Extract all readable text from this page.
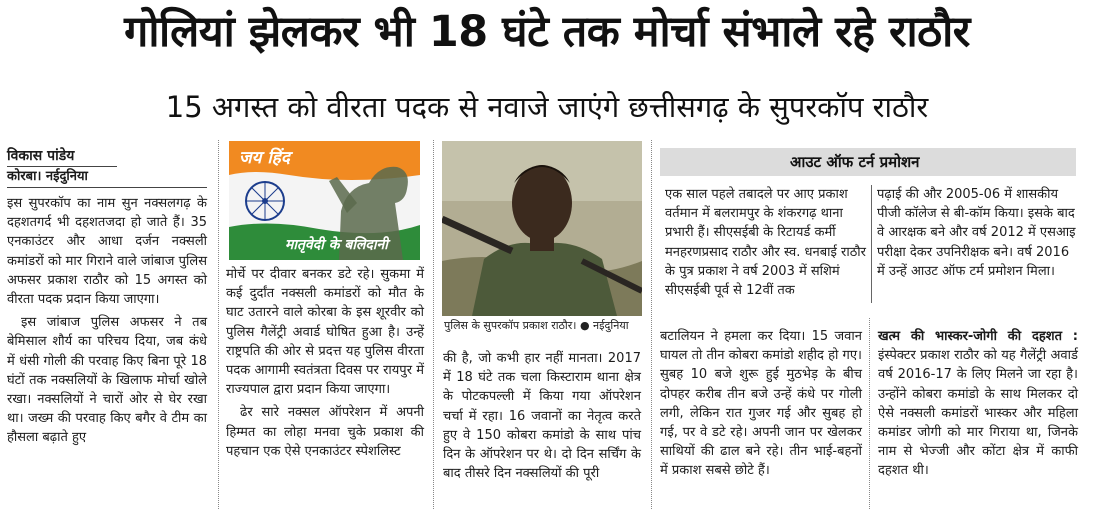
गोलियां झेलकर भी 18 घंटे तक मोर्चा संभाले रहे राठौर
15 अगस्त को वीरता पदक से नवाजे जाएंगे छत्तीसगढ़ के सुपरकॉप राठौर

विकास पांडेय

कोरबा। नईदुनिया

इस सुपरकॉप का नाम सुन नक्सलगढ़ के दहशतगर्द भी दहशतजदा हो जाते हैं। 35 एनकाउंटर और आधा दर्जन नक्सली कमांडरों को मार गिराने वाले जांबाज पुलिस अफसर प्रकाश राठौर को 15 अगस्त को वीरता पदक प्रदान किया जाएगा।

इस जांबाज पुलिस अफसर ने तब बेमिसाल शौर्य का परिचय दिया, जब कंधे में धंसी गोली की परवाह किए बिना पूरे 18 घंटों तक नक्सलियों के खिलाफ मोर्चा खोले रखा। नक्सलियों ने चारों ओर से घेर रखा था। जख्म की परवाह किए बगैर वे टीम का हौसला बढ़ाते हुए

जय हिंद
मातृवेदी के बलिदानी

मोर्चे पर दीवार बनकर डटे रहे। सुकमा में कई दुर्दांत नक्सली कमांडरों को मौत के घाट उतारने वाले कोरबा के इस शूरवीर को पुलिस गैलेंट्री अवार्ड घोषित हुआ है। उन्हें राष्ट्रपति की ओर से प्रदत्त यह पुलिस वीरता पदक आगामी स्वतंत्रता दिवस पर रायपुर में राज्यपाल द्वारा प्रदान किया जाएगा।

ढेर सारे नक्सल ऑपरेशन में अपनी हिम्मत का लोहा मनवा चुके प्रकाश की पहचान एक ऐसे एनकाउंटर स्पेशलिस्ट

पुलिस के सुपरकॉप प्रकाश राठौर। ● नईदुनिया

की है, जो कभी हार नहीं मानता। 2017 में 18 घंटे तक चला किस्टाराम थाना क्षेत्र के पोटकपल्ली में किया गया ऑपरेशन चर्चा में रहा। 16 जवानों का नेतृत्व करते हुए वे 150 कोबरा कमांडो के साथ पांच दिन के ऑपरेशन पर थे। दो दिन सर्चिंग के बाद तीसरे दिन नक्सलियों की पूरी

आउट ऑफ टर्न प्रमोशन

एक साल पहले तबादले पर आए प्रकाश वर्तमान में बलरामपुर के शंकरगढ़ थाना प्रभारी हैं। सीएसईबी के रिटायर्ड कर्मी मनहरणप्रसाद राठौर और स्व. धनबाई राठौर के पुत्र प्रकाश ने वर्ष 2003 में सशिमं सीएसईबी पूर्व से 12वीं तक

पढ़ाई की और 2005-06 में शासकीय पीजी कॉलेज से बी-कॉम किया। इसके बाद वे आरक्षक बने और वर्ष 2012 में एसआइ परीक्षा देकर उपनिरीक्षक बने। वर्ष 2016 में उन्हें आउट ऑफ टर्म प्रमोशन मिला।

बटालियन ने हमला कर दिया। 15 जवान घायल तो तीन कोबरा कमांडो शहीद हो गए। सुबह 10 बजे शुरू हुई मुठभेड़ के बीच दोपहर करीब तीन बजे उन्हें कंधे पर गोली लगी, लेकिन रात गुजर गई और सुबह हो गई, पर वे डटे रहे। अपनी जान पर खेलकर साथियों की ढाल बने रहे। तीन भाई-बहनों में प्रकाश सबसे छोटे हैं।

खत्म की भास्कर-जोगी की दहशत : इंस्पेक्टर प्रकाश राठौर को यह गैलेंट्री अवार्ड वर्ष 2016-17 के लिए मिलने जा रहा है। उन्होंने कोबरा कमांडो के साथ मिलकर दो ऐसे नक्सली कमांडरों भास्कर और महिला कमांडर जोगी को मार गिराया था, जिनके नाम से भेज्जी और कोंटा क्षेत्र में काफी दहशत थी।
